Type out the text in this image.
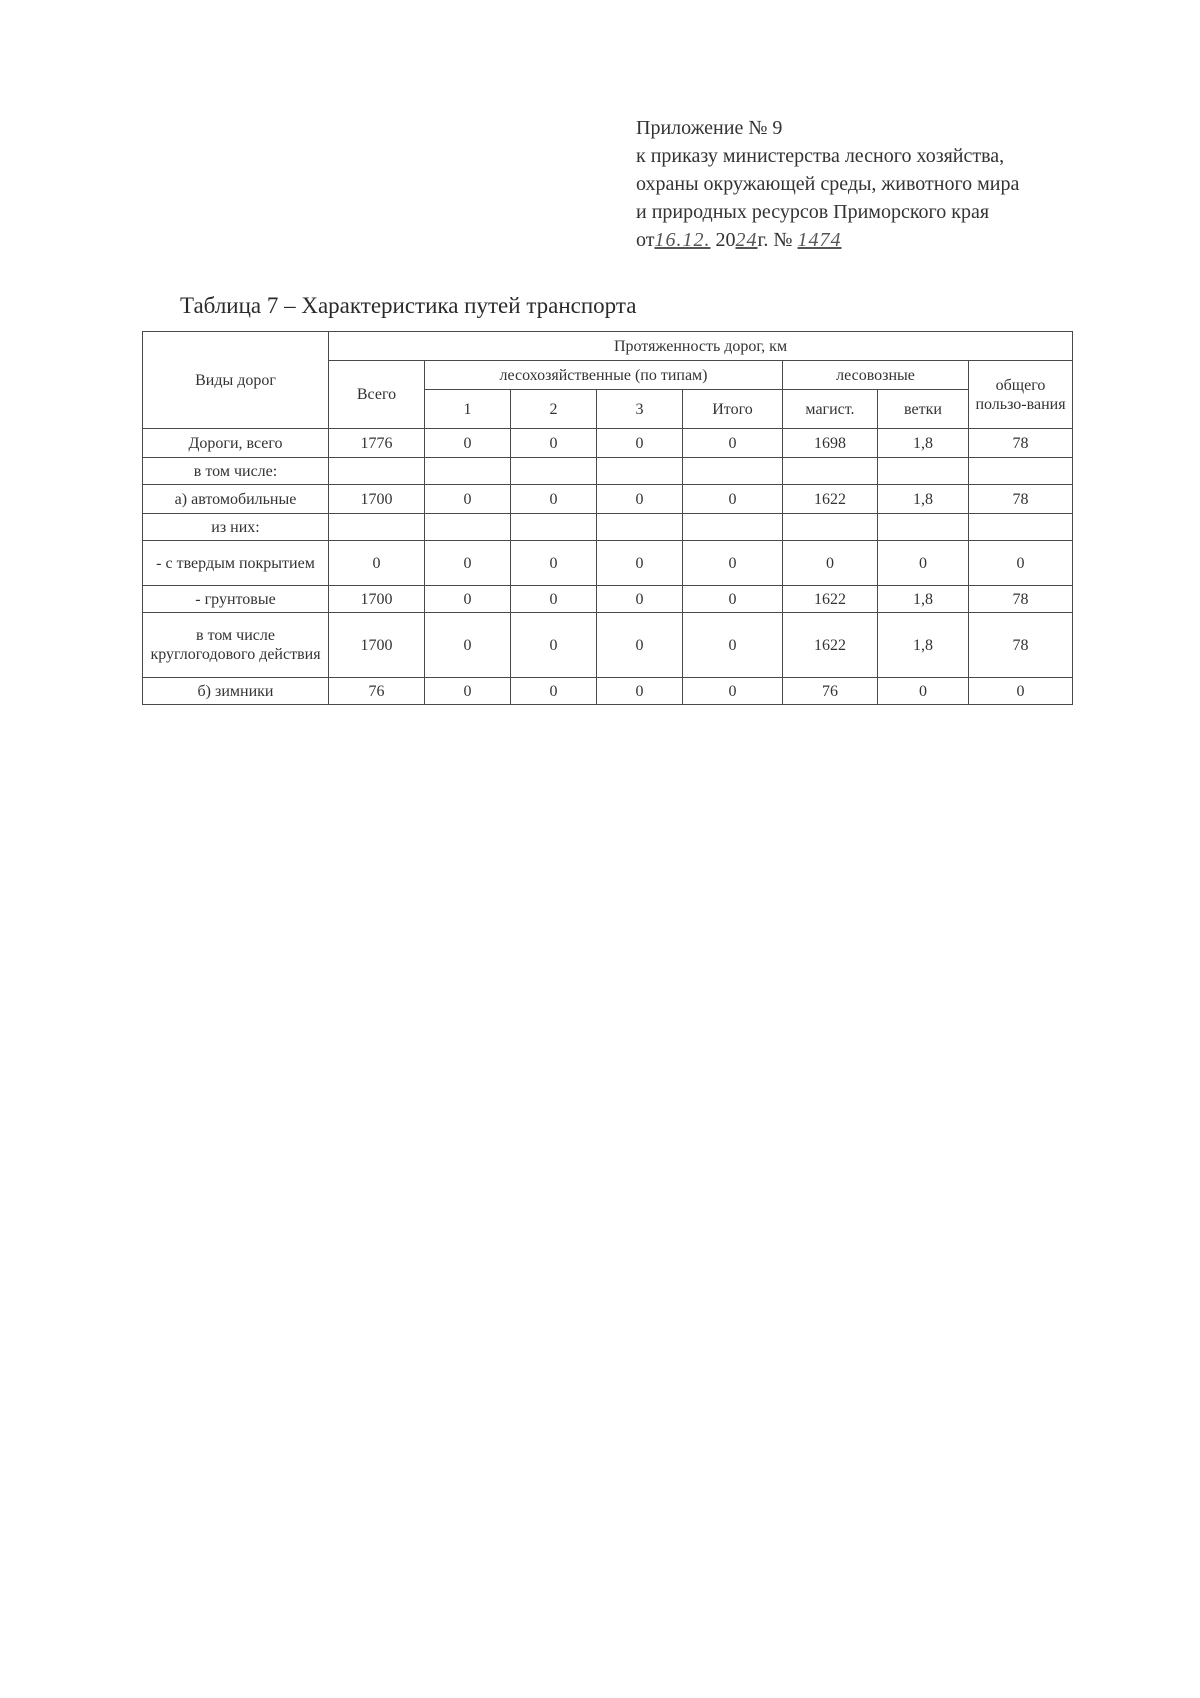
Приложение № 9
к приказу министерства лесного хозяйства,
охраны окружающей среды, животного мира
и природных ресурсов Приморского края
от16.12. 2024г. № 1474
Таблица 7 – Характеристика путей транспорта
Виды дорог	Протяженность дорог, км							
	Всего	лесохозяйственные (по типам)				лесовозные		общего пользо-вания
		1	2	3	Итого	магист.	ветки	
Дороги, всего	1776	0	0	0	0	1698	1,8	78
в том числе:								
а) автомобильные	1700	0	0	0	0	1622	1,8	78
из них:								
- с твердым покрытием	0	0	0	0	0	0	0	0
- грунтовые	1700	0	0	0	0	1622	1,8	78
в том числе круглогодового действия	1700	0	0	0	0	1622	1,8	78
б) зимники	76	0	0	0	0	76	0	0
